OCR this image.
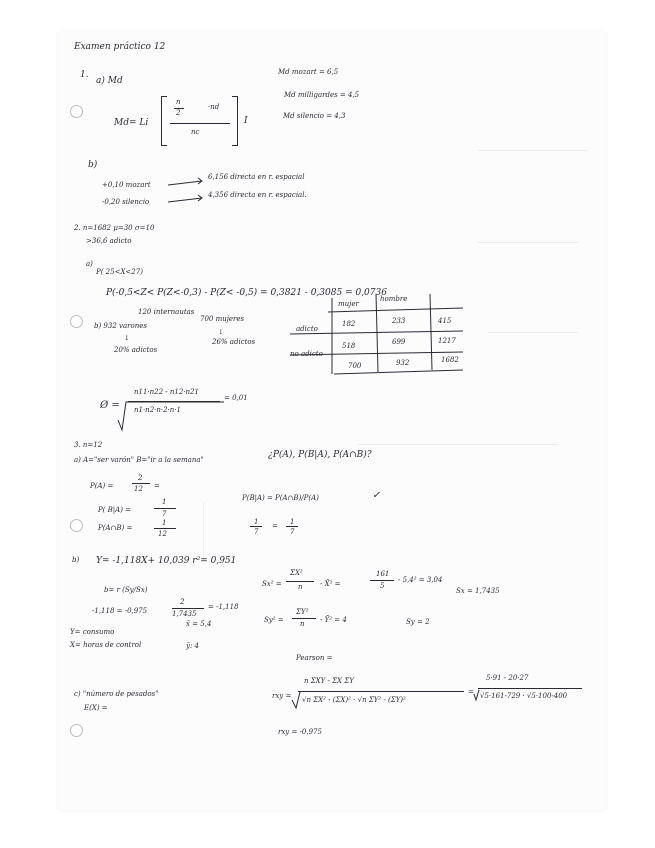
Examen práctico 12
1.
a) Md
Md mozart = 6,5
Md milligardes = 4,5
Md silencio = 4,3
Md= Li
n
2
·nd
nc
I
b)
+0,10 mozart
6,156 directa en r. espacial
-0,20 silencio
4,356 directa en r. espacial.
2. n=1682 μ=30 σ=10
>36,6 adicto
a)
P( 25<X<27)
P(-0,5<Z< P(Z<-0,3) - P(Z< -0,5) = 0,3821 - 0,3085 = 0,0736
120 internautas
b) 932 varones
700 mujeres
↓
↓
20% adictos
26% adictos
mujer
hombre
adicto
no adicto
182	233	415
518	699	1217
700	932	1682
Ø =
n11·n22 - n12·n21
n1·n2·n·2·n·1
= 0,01
3. n=12
a) A="ser varón" B="ir a la semana"	¿P(A), P(B|A), P(A∩B)?
P(A) =
2
12 =
P( B|A) =
1
7
P(A∩B) =
1
12
P(B|A) = P(A∩B)/P(A)	✓
1
7
= 1
7
b) Y= -1,118X+ 10,039 r²= 0,951
b= r (Sy/Sx)
-1,118 = -0,975
2
1,7435
= -1,118
x̄ = 5,4
Y= consumo
X= horas de control	ȳ: 4
Sx² =
ΣX²
n - X̄² =
161
5
- 5,4² = 3,04
Sx = 1,7435
Sy² =
ΣY²
n - Ȳ² = 4	Sy = 2
Pearson =
rxy =
n ΣXY - ΣX ΣY
√n ΣX² - (ΣX)² · √n ΣY² - (ΣY)²
=
5·91 - 20·27
√5·161-729 · √5·100-400
rxy = -0,975
c) "número de pesados"
E(X) =
